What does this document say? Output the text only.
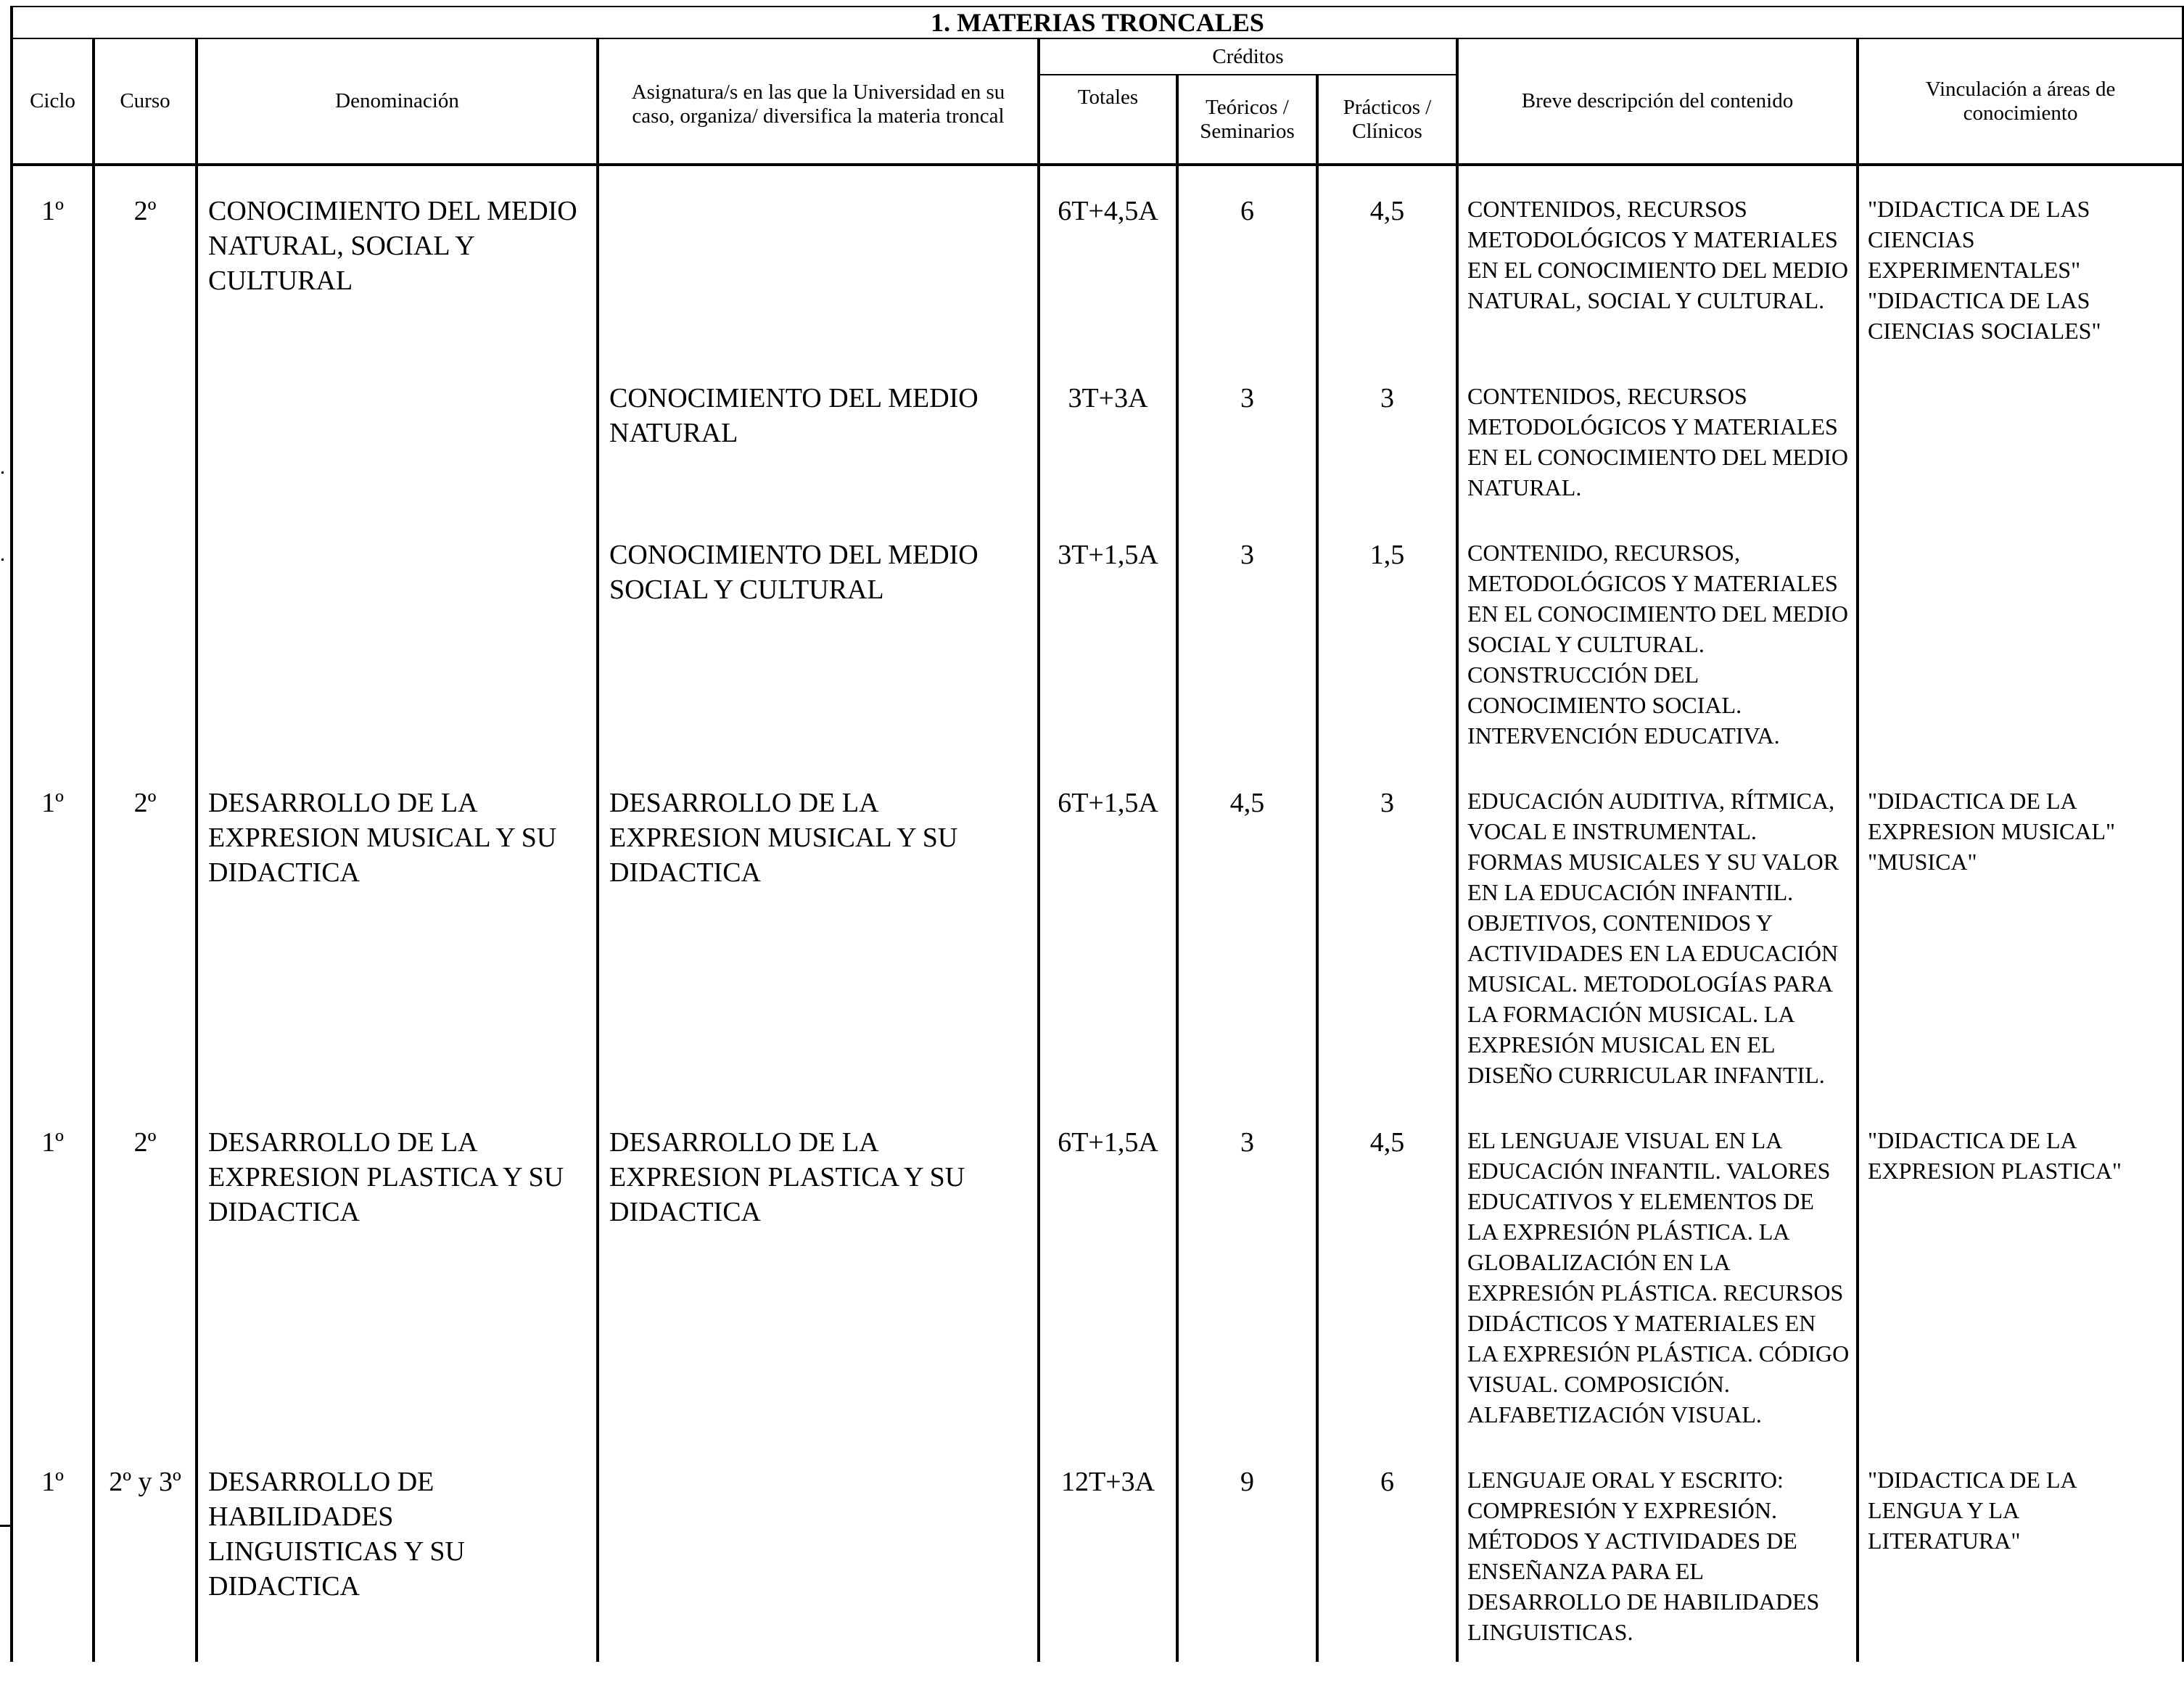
1. MATERIAS TRONCALES								
Ciclo	Curso	Denominación	Asignatura/s en las que la Universidad en su caso, organiza/ diversifica la materia troncal	Créditos			Breve descripción del contenido	Vinculación a áreas de conocimiento
				Totales	Teóricos / Seminarios	Prácticos / Clínicos		

1º	2º	CONOCIMIENTO DEL MEDIO NATURAL, SOCIAL Y CULTURAL		6T+4,5A	6	4,5	CONTENIDOS, RECURSOS METODOLÓGICOS Y MATERIALES EN EL CONOCIMIENTO DEL MEDIO NATURAL, SOCIAL Y CULTURAL.	"DIDACTICA DE LAS CIENCIAS EXPERIMENTALES" "DIDACTICA DE LAS CIENCIAS SOCIALES"
			CONOCIMIENTO DEL MEDIO NATURAL	3T+3A	3	3	CONTENIDOS, RECURSOS METODOLÓGICOS Y MATERIALES EN EL CONOCIMIENTO DEL MEDIO NATURAL.	
			CONOCIMIENTO DEL MEDIO SOCIAL Y CULTURAL	3T+1,5A	3	1,5	CONTENIDO, RECURSOS, METODOLÓGICOS Y MATERIALES EN EL CONOCIMIENTO DEL MEDIO SOCIAL Y CULTURAL. CONSTRUCCIÓN DEL CONOCIMIENTO SOCIAL. INTERVENCIÓN EDUCATIVA.	
1º	2º	DESARROLLO DE LA EXPRESION MUSICAL Y SU DIDACTICA	DESARROLLO DE LA EXPRESION MUSICAL Y SU DIDACTICA	6T+1,5A	4,5	3	EDUCACIÓN AUDITIVA, RÍTMICA, VOCAL E INSTRUMENTAL. FORMAS MUSICALES Y SU VALOR EN LA EDUCACIÓN INFANTIL. OBJETIVOS, CONTENIDOS Y ACTIVIDADES EN LA EDUCACIÓN MUSICAL. METODOLOGÍAS PARA LA FORMACIÓN MUSICAL. LA EXPRESIÓN MUSICAL EN EL DISEÑO CURRICULAR INFANTIL.	"DIDACTICA DE LA EXPRESION MUSICAL" "MUSICA"
1º	2º	DESARROLLO DE LA EXPRESION PLASTICA Y SU DIDACTICA	DESARROLLO DE LA EXPRESION PLASTICA Y SU DIDACTICA	6T+1,5A	3	4,5	EL LENGUAJE VISUAL EN LA EDUCACIÓN INFANTIL. VALORES EDUCATIVOS Y ELEMENTOS DE LA EXPRESIÓN PLÁSTICA. LA GLOBALIZACIÓN EN LA EXPRESIÓN PLÁSTICA. RECURSOS DIDÁCTICOS Y MATERIALES EN LA EXPRESIÓN PLÁSTICA. CÓDIGO VISUAL. COMPOSICIÓN. ALFABETIZACIÓN VISUAL.	"DIDACTICA DE LA EXPRESION PLASTICA"
1º	2º y 3º	DESARROLLO DE HABILIDADES LINGUISTICAS Y SU DIDACTICA		12T+3A	9	6	LENGUAJE ORAL Y ESCRITO: COMPRESIÓN Y EXPRESIÓN. MÉTODOS Y ACTIVIDADES DE ENSEÑANZA PARA EL DESARROLLO DE HABILIDADES LINGUISTICAS.	"DIDACTICA DE LA LENGUA Y LA LITERATURA"
